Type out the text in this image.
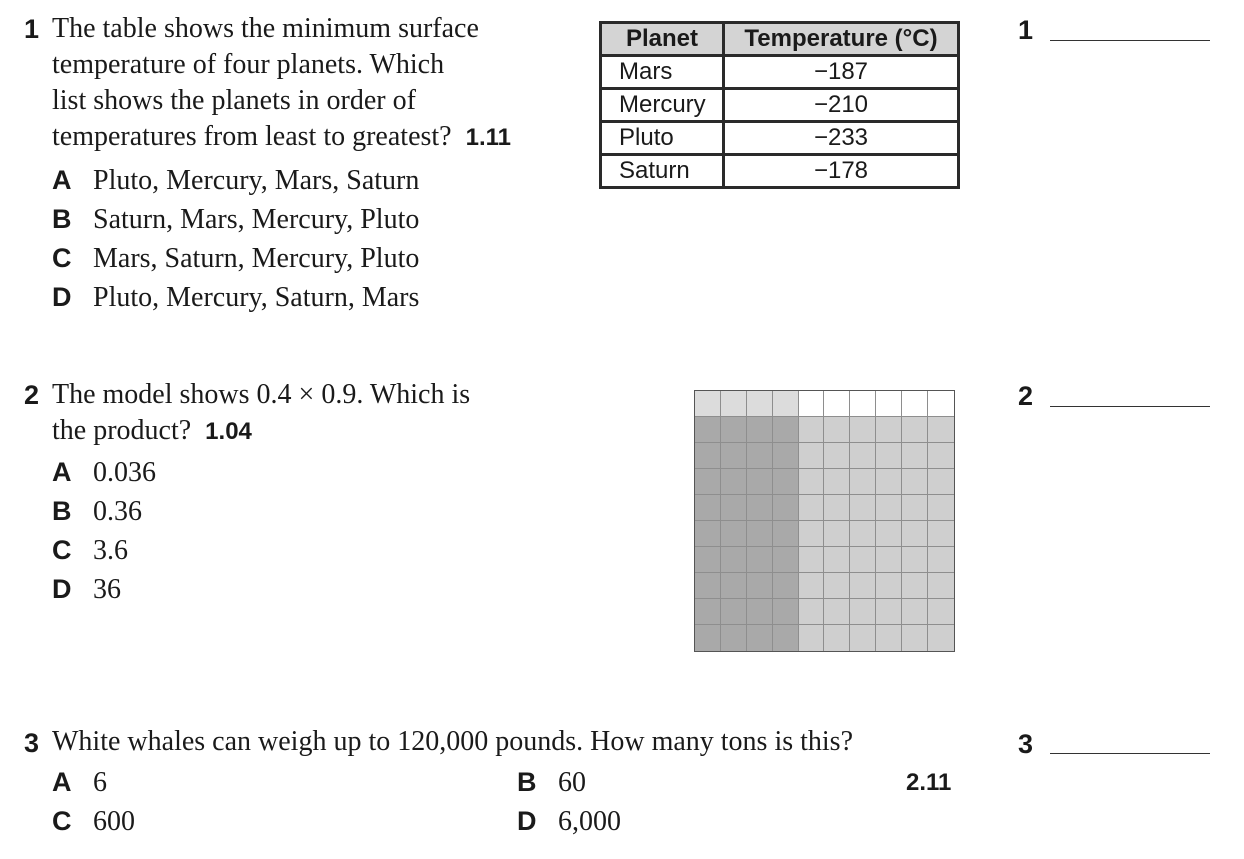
1 The table shows the minimum surface
temperature of four planets. Which
list shows the planets in order of
temperatures from least to greatest? 1.11
A Pluto, Mercury, Mars, Saturn
B Saturn, Mars, Mercury, Pluto
C Mars, Saturn, Mercury, Pluto
D Pluto, Mercury, Saturn, Mars
Planet	Temperature (°C)
Mars	−187
Mercury	−210
Pluto	−233
Saturn	−178
1
2 The model shows 0.4 × 0.9. Which is
the product? 1.04
A 0.036
B 0.36
C 3.6
D 36
2
3 White whales can weigh up to 120,000 pounds. How many tons is this?
A 6	B 60
C 600	D 6,000
2.11
3
